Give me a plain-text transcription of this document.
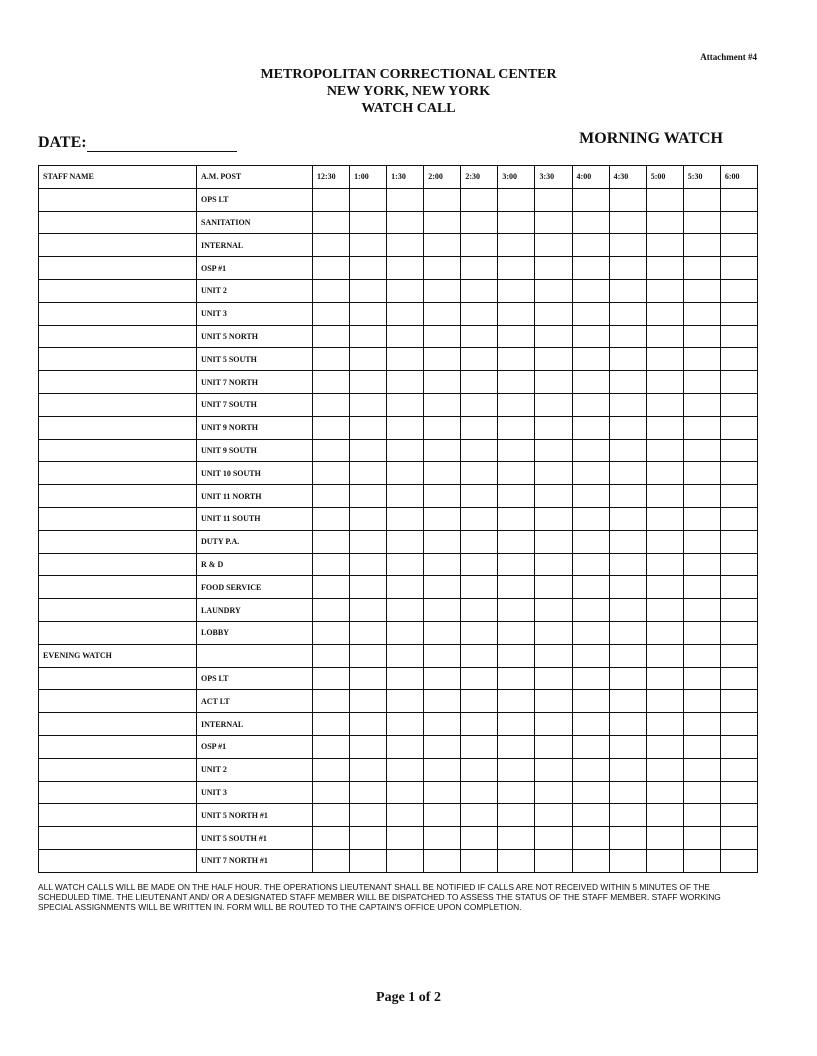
Attachment #4
METROPOLITAN CORRECTIONAL CENTER
NEW YORK, NEW YORK
WATCH CALL
DATE:	MORNING WATCH
STAFF NAME	A.M. POST	12:30	1:00	1:30	2:00	2:30	3:00	3:30	4:00	4:30	5:00	5:30	6:00
	OPS LT												
	SANITATION												
	INTERNAL												
	OSP #1												
	UNIT 2												
	UNIT 3												
	UNIT 5 NORTH												
	UNIT 5 SOUTH												
	UNIT 7 NORTH												
	UNIT 7 SOUTH												
	UNIT 9 NORTH												
	UNIT 9 SOUTH												
	UNIT 10 SOUTH												
	UNIT 11 NORTH												
	UNIT 11 SOUTH												
	DUTY P.A.												
	R & D												
	FOOD SERVICE												
	LAUNDRY												
	LOBBY												
EVENING WATCH													
	OPS LT												
	ACT LT												
	INTERNAL												
	OSP #1												
	UNIT 2												
	UNIT 3												
	UNIT 5 NORTH #1												
	UNIT 5 SOUTH #1												
	UNIT 7 NORTH #1												
ALL WATCH CALLS WILL BE MADE ON THE HALF HOUR. THE OPERATIONS LIEUTENANT SHALL BE NOTIFIED IF CALLS ARE NOT RECEIVED WITHIN 5 MINUTES OF THE SCHEDULED TIME. THE LIEUTENANT AND/ OR A DESIGNATED STAFF MEMBER WILL BE DISPATCHED TO ASSESS THE STATUS OF THE STAFF MEMBER. STAFF WORKING SPECIAL ASSIGNMENTS WILL BE WRITTEN IN. FORM WILL BE ROUTED TO THE CAPTAIN'S OFFICE UPON COMPLETION.
Page 1 of 2
